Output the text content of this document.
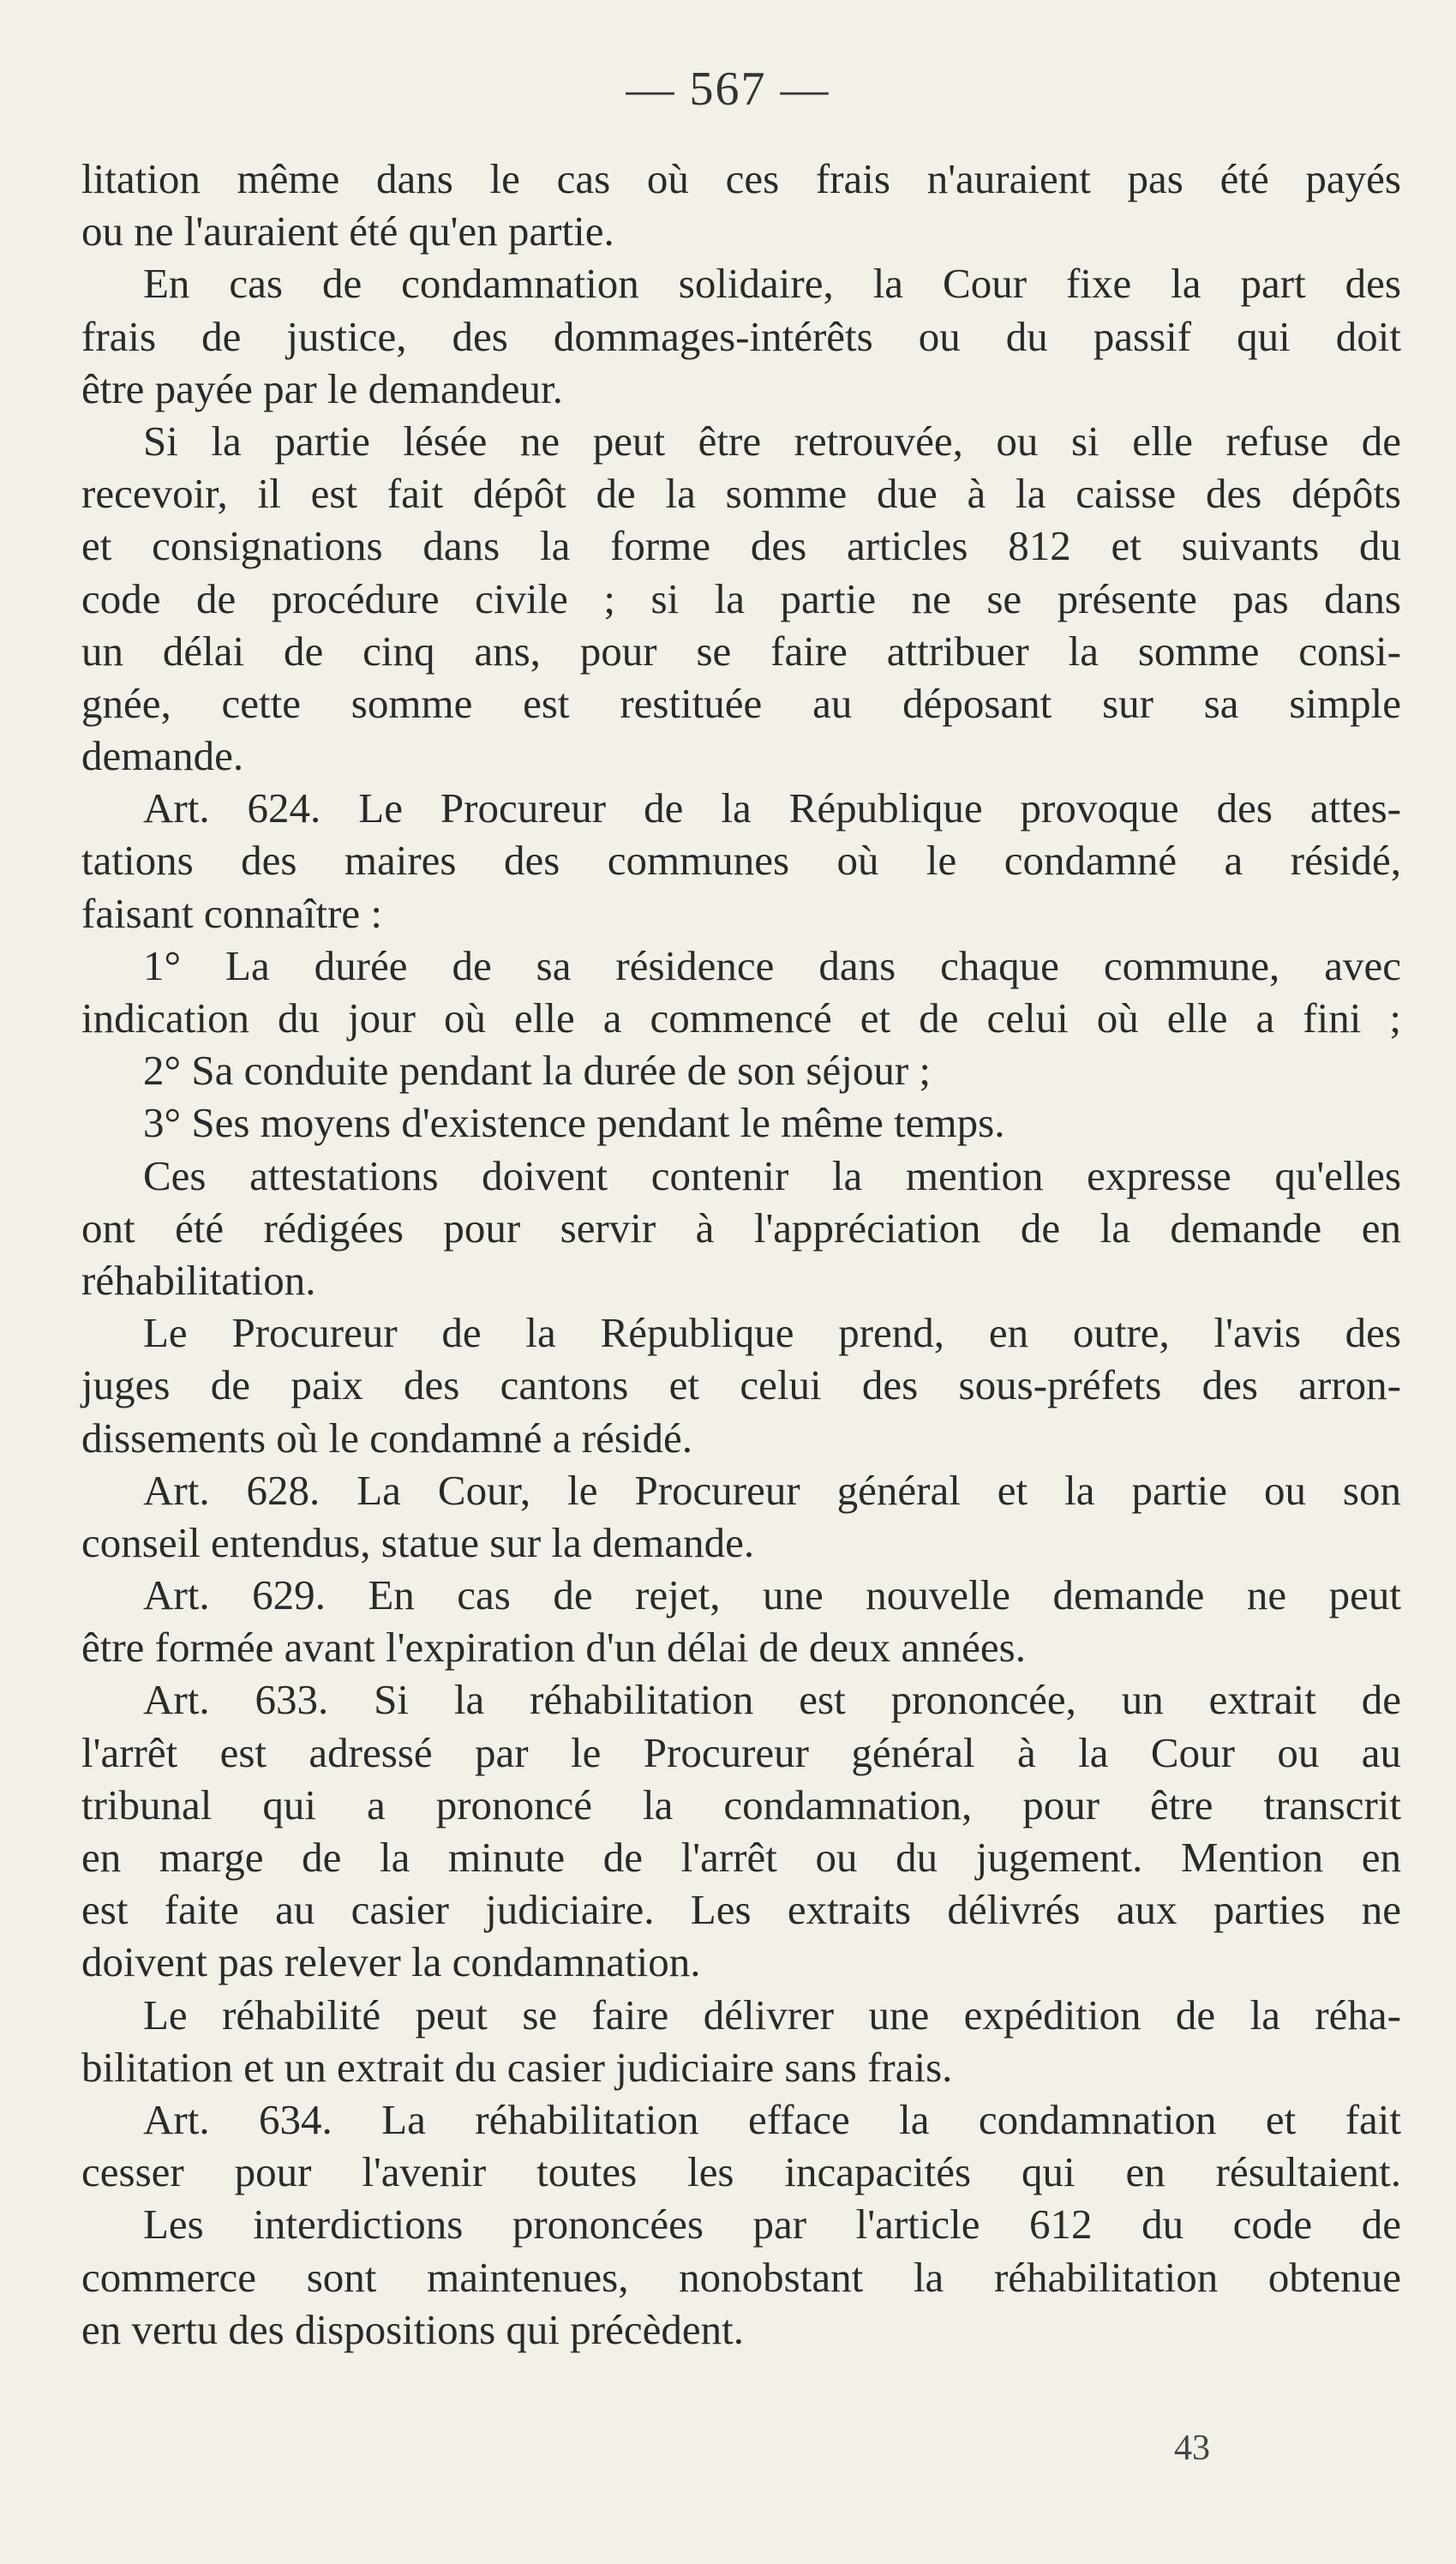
— 567 —
litation même dans le cas où ces frais n'auraient pas été payés
ou ne l'auraient été qu'en partie.
En cas de condamnation solidaire, la Cour fixe la part des
frais de justice, des dommages-intérêts ou du passif qui doit
être payée par le demandeur.
Si la partie lésée ne peut être retrouvée, ou si elle refuse de
recevoir, il est fait dépôt de la somme due à la caisse des dépôts
et consignations dans la forme des articles 812 et suivants du
code de procédure civile ; si la partie ne se présente pas dans
un délai de cinq ans, pour se faire attribuer la somme consi-
gnée, cette somme est restituée au déposant sur sa simple
demande.
Art. 624. Le Procureur de la République provoque des attes-
tations des maires des communes où le condamné a résidé,
faisant connaître :
1° La durée de sa résidence dans chaque commune, avec
indication du jour où elle a commencé et de celui où elle a fini ;
2° Sa conduite pendant la durée de son séjour ;
3° Ses moyens d'existence pendant le même temps.
Ces attestations doivent contenir la mention expresse qu'elles
ont été rédigées pour servir à l'appréciation de la demande en
réhabilitation.
Le Procureur de la République prend, en outre, l'avis des
juges de paix des cantons et celui des sous-préfets des arron-
dissements où le condamné a résidé.
Art. 628. La Cour, le Procureur général et la partie ou son
conseil entendus, statue sur la demande.
Art. 629. En cas de rejet, une nouvelle demande ne peut
être formée avant l'expiration d'un délai de deux années.
Art. 633. Si la réhabilitation est prononcée, un extrait de
l'arrêt est adressé par le Procureur général à la Cour ou au
tribunal qui a prononcé la condamnation, pour être transcrit
en marge de la minute de l'arrêt ou du jugement. Mention en
est faite au casier judiciaire. Les extraits délivrés aux parties ne
doivent pas relever la condamnation.
Le réhabilité peut se faire délivrer une expédition de la réha-
bilitation et un extrait du casier judiciaire sans frais.
Art. 634. La réhabilitation efface la condamnation et fait
cesser pour l'avenir toutes les incapacités qui en résultaient.
Les interdictions prononcées par l'article 612 du code de
commerce sont maintenues, nonobstant la réhabilitation obtenue
en vertu des dispositions qui précèdent.
43
